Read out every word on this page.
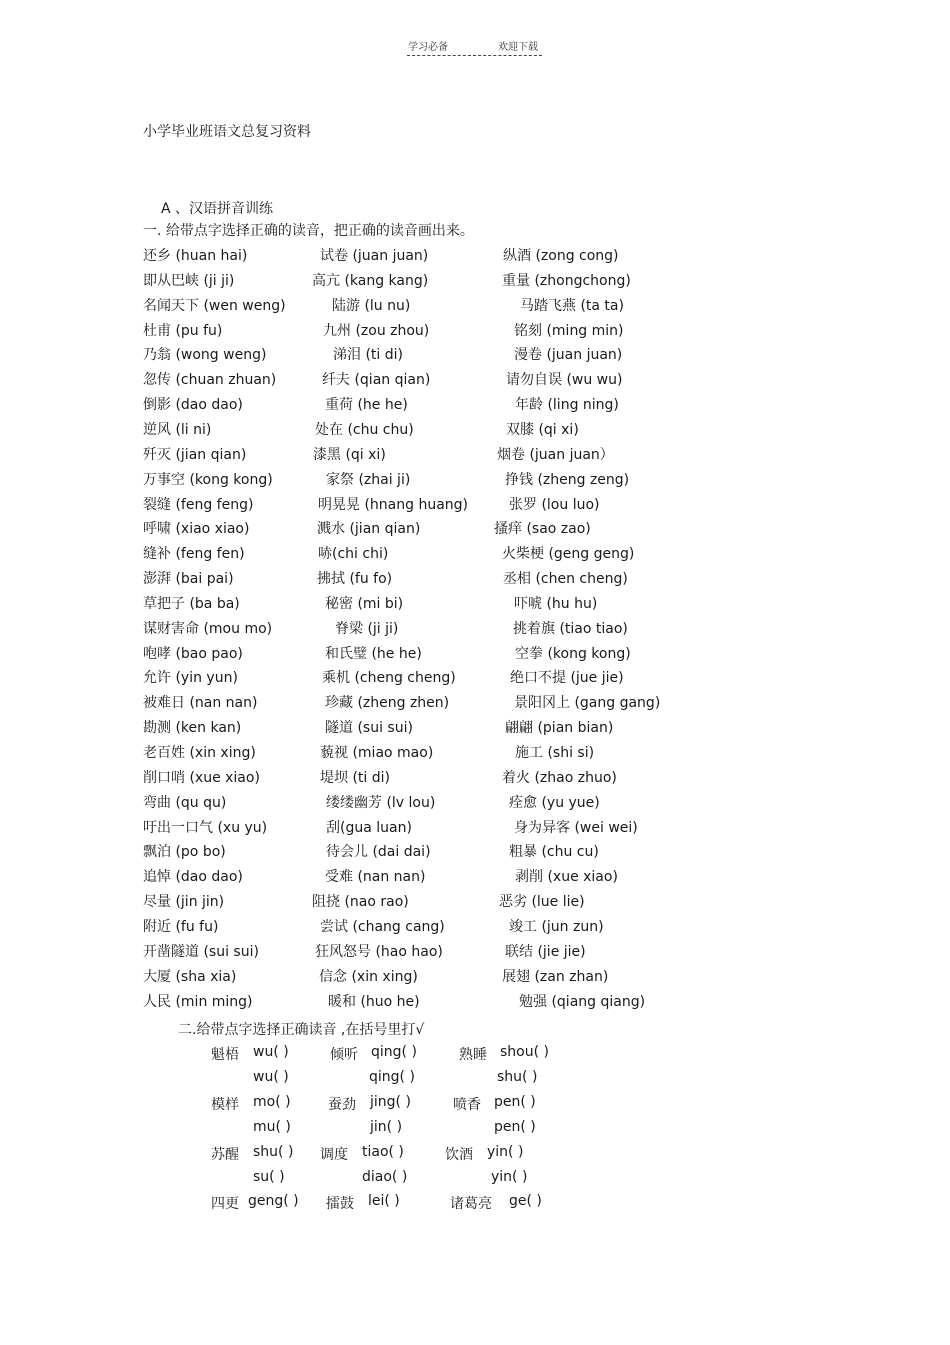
学习必备	欢迎下载
小学毕业班语文总复习资料
A 、汉语拼音训练
一. 给带点字选择正确的读音，把正确的读音画出来。
还乡 (huan hai)	试卷 (juan juan)	纵酒 (zong cong)
即从巴峡 (ji ji)	高亢 (kang kang)	重量 (zhongchong)
名闻天下 (wen weng)	陆游 (lu nu)	马踏飞燕 (ta ta)
杜甫 (pu fu)	九州 (zou zhou)	铭刻 (ming min)
乃翁 (wong weng)	涕泪 (ti di)	漫卷 (juan juan)
忽传 (chuan zhuan)	纤夫 (qian qian)	请勿自误 (wu wu)
倒影 (dao dao)	重荷 (he he)	年龄 (ling ning)
逆风 (li ni)	处在 (chu chu)	双膝 (qi xi)
歼灭 (jian qian)	漆黑 (qi xi)	烟卷 (juan juan）
万事空 (kong kong)	家祭 (zhai ji)	挣钱 (zheng zeng)
裂缝 (feng feng)	明晃晃 (hnang huang)	张罗 (lou luo)
呼啸 (xiao xiao)	溅水 (jian qian)	搔痒 (sao zao)
缝补 (feng fen)	哧(chi chi)	火柴梗 (geng geng)
澎湃 (bai pai)	拂拭 (fu fo)	丞相 (chen cheng)
草把子 (ba ba)	秘密 (mi bi)	吓唬 (hu hu)
谋财害命 (mou mo)	脊梁 (ji ji)	挑着旗 (tiao tiao)
咆哮 (bao pao)	和氏璧 (he he)	空拳 (kong kong)
允许 (yin yun)	乘机 (cheng cheng)	绝口不提 (jue jie)
被难日 (nan nan)	珍藏 (zheng zhen)	景阳冈上 (gang gang)
勘测 (ken kan)	隧道 (sui sui)	翩翩 (pian bian)
老百姓 (xin xing)	藐视 (miao mao)	施工 (shi si)
削口哨 (xue xiao)	堤坝 (ti di)	着火 (zhao zhuo)
弯曲 (qu qu)	缕缕幽芳 (lv lou)	痊愈 (yu yue)
吁出一口气 (xu yu)	刮(gua luan)	身为异客 (wei wei)
飘泊 (po bo)	待会儿 (dai dai)	粗暴 (chu cu)
追悼 (dao dao)	受难 (nan nan)	剥削 (xue xiao)
尽量 (jin jin)	阻挠 (nao rao)	恶劣 (lue lie)
附近 (fu fu)	尝试 (chang cang)	竣工 (jun zun)
开凿隧道 (sui sui)	狂风怒号 (hao hao)	联结 (jie jie)
大厦 (sha xia)	信念 (xin xing)	展翅 (zan zhan)
人民 (min ming)	暖和 (huo he)	勉强 (qiang qiang)
二.给带点字选择正确读音 ,在括号里打√
魁梧 wu( )	倾听 qing( )	熟睡 shou( )
wu( )	qing( )	shu( )
模样 mo( )	蚕劲 jing( )	喷香 pen( )
mu( )	jin( )	pen( )
苏醒 shu( ) 调度 tiao( )	饮酒 yin( )
su( )	diao( )	yin( )
四更 geng( ) 擂鼓 lei( )	诸葛亮 ge( )
